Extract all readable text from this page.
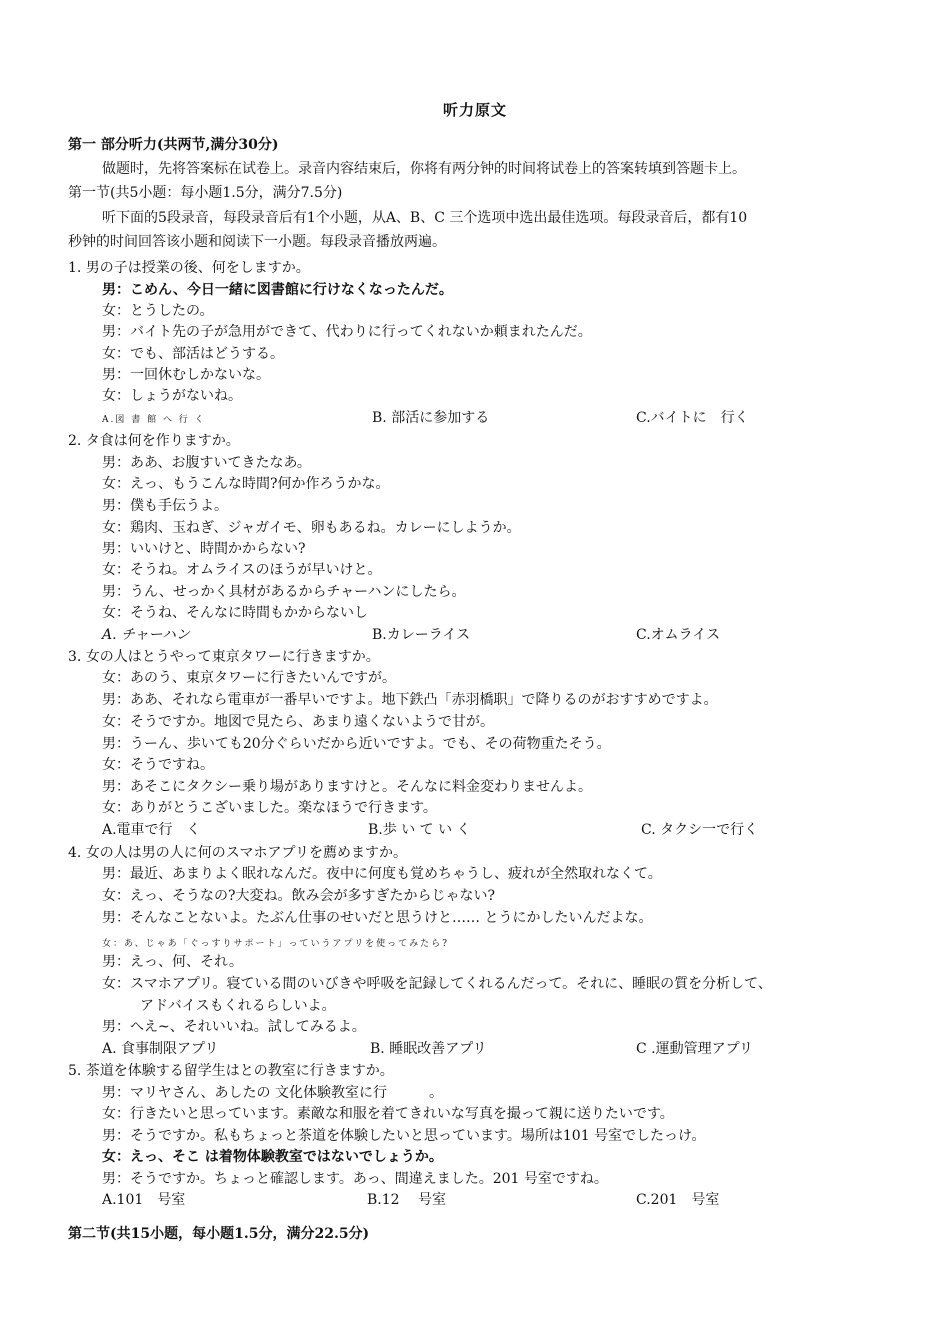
听力原文
第一 部分听力(共两节,满分30分)
做题时，先将答案标在试卷上。录音内容结束后，你将有两分钟的时间将试卷上的答案转填到答题卡上。
第一节(共5小题：每小题1.5分，满分7.5分)
听下面的5段录音，每段录音后有1个小题，从A、B、C 三个选项中选出最佳选项。每段录音后，都有10
秒钟的时间回答该小题和阅读下一小题。每段录音播放两遍。
1. 男の子は授業の後、何をしますか。
男：こめん、今日一緒に図書館に行けなくなったんだ。
女：とうしたの。
男：バイト先の子が急用ができて、代わりに行ってくれないか頼まれたんだ。
女：でも、部活はどうする。
男：一回休むしかないな。
女：しょうがないね。
A.図 書 館 へ 行 く	B. 部活に参加する	C.バイトに　行く
2. タ食は何を作りますか。
男：ああ、お腹すいてきたなあ。
女：えっ、もうこんな時間?何か作ろうかな。
男：僕も手伝うよ。
女：鶏肉、玉ねぎ、ジャガイモ、卵もあるね。カレーにしようか。
男：いいけと、時間かからない?
女：そうね。オムライスのほうが早いけと。
男：うん、せっかく具材があるからチャーハンにしたら。
女：そうね、そんなに時間もかからないし
A. チャーハン	B.カレーライス	C.オムライス
3. 女の人はとうやって東京タワーに行きますか。
女：あのう、東京タワーに行きたいんですが。
男：ああ、それなら電車が一番早いですよ。地下鉄凸「赤羽橋职」で降りるのがおすすめですよ。
女：そうですか。地図で見たら、あまり遠くないようで甘が。
男：うーん、歩いても20分ぐらいだから近いですよ。でも、その荷物重たそう。
女：そうですね。
男：あそこにタクシー乗り場がありますけと。そんなに料金変わりませんよ。
女：ありがとうこざいました。楽なほうで行きます。
A.電車で行　く	B.歩 い て い く	C. タクシ一で行く
4. 女の人は男の人に何のスマホアプリを薦めますか。
男：最近、あまりよく眠れなんだ。夜中に何度も覚めちゃうし、疲れが全然取れなくて。
女：えっ、そうなの?大変ね。飲み会が多すぎたからじゃない?
男：そんなことないよ。たぶん仕事のせいだと思うけと…… とうにかしたいんだよな。
女：あ、じゃあ「ぐっすりサポート」っていうアプリを使ってみたら?
男：えっ、何、それ。
女：スマホアプリ。寝ている間のいびきや呼吸を記録してくれるんだって。それに、睡眠の質を分析して、
アドバイスもくれるらしいよ。
男：へえ~、それいいね。試してみるよ。
A. 食事制限アプリ	B. 睡眠改善アプリ	C .運動管理アプリ
5. 茶道を体験する留学生はとの教室に行きますか。
男：マリヤさん、あしたの 文化体験教室に行　　　。
女：行きたいと思っています。素敵な和服を着てきれいな写真を撮って親に送りたいです。
男：そうですか。私もちょっと茶道を体験したいと思っています。場所は101 号室でしたっけ。
女：えっ、そこ は着物体験教室ではないでしょうか。
男：そうですか。ちょっと確認します。あっ、間違えました。201 号室ですね。
A.101　号室	B.12　 号室	C.201　号室
第二节(共15小题，每小题1.5分，满分22.5分)
